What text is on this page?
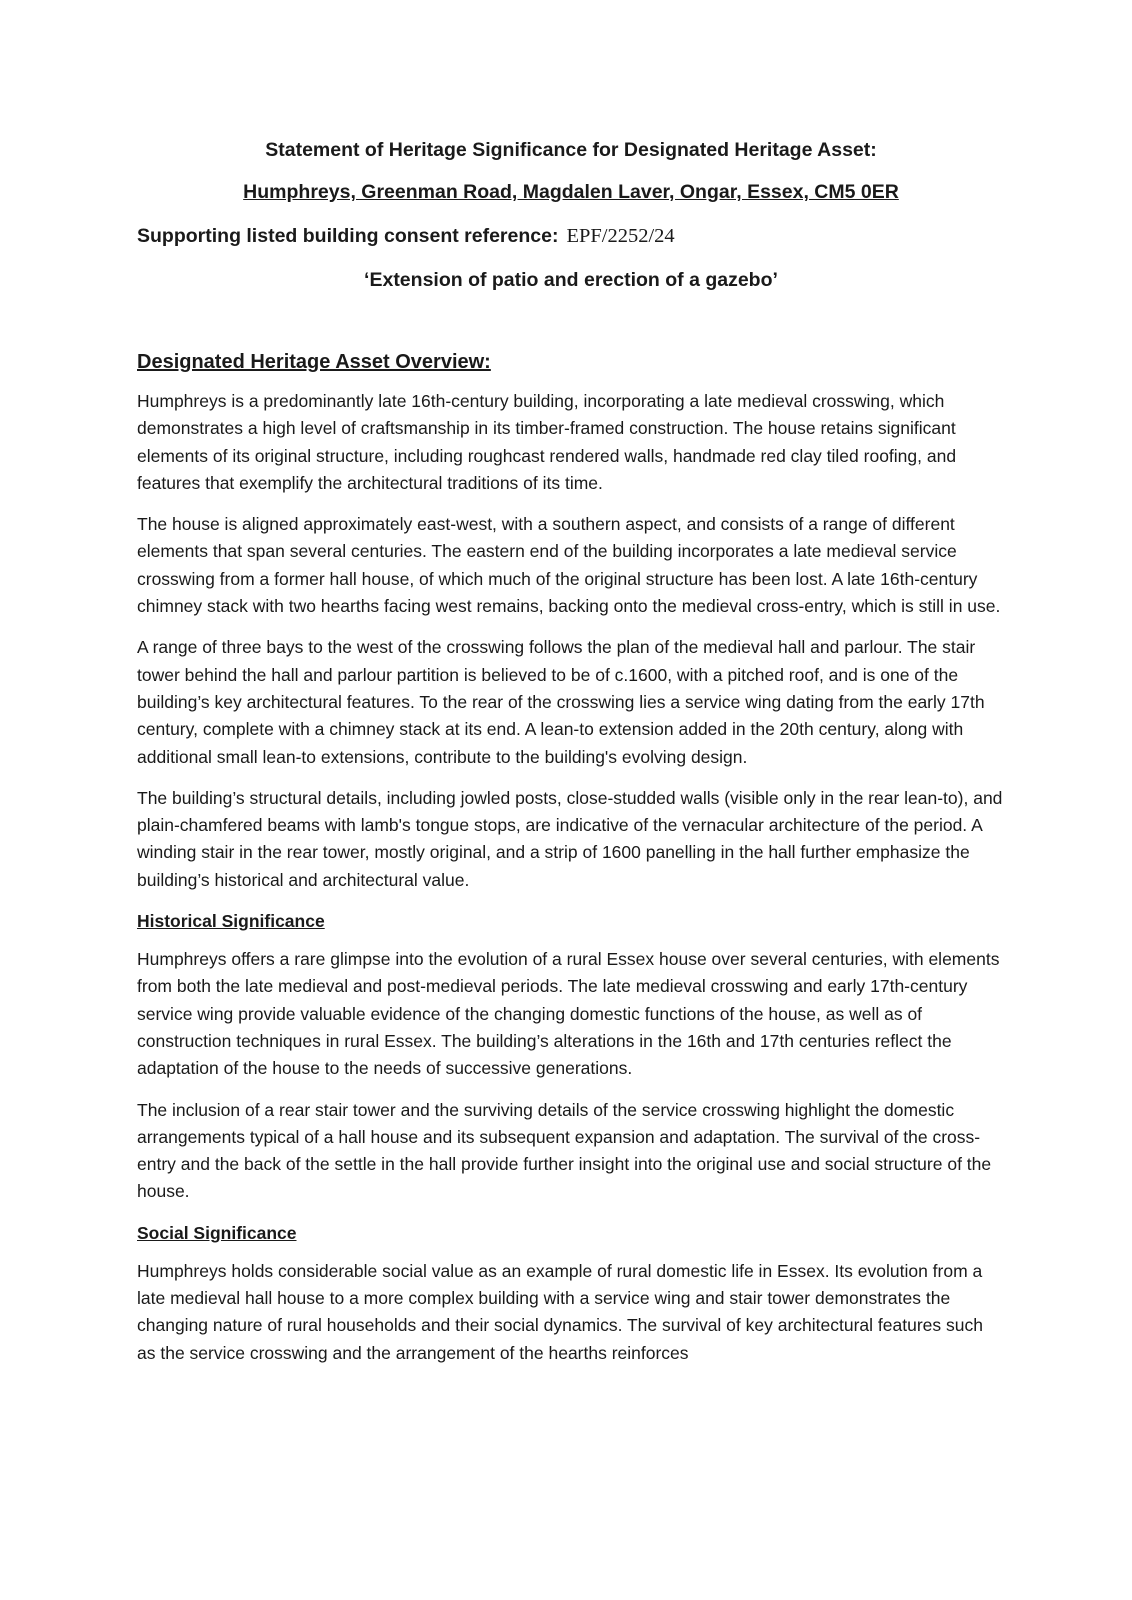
Statement of Heritage Significance for Designated Heritage Asset:

Humphreys, Greenman Road, Magdalen Laver, Ongar, Essex, CM5 0ER

Supporting listed building consent reference: EPF/2252/24

‘Extension of patio and erection of a gazebo’

Designated Heritage Asset Overview:

Humphreys is a predominantly late 16th-century building, incorporating a late medieval crosswing, which demonstrates a high level of craftsmanship in its timber-framed construction. The house retains significant elements of its original structure, including roughcast rendered walls, handmade red clay tiled roofing, and features that exemplify the architectural traditions of its time.

The house is aligned approximately east-west, with a southern aspect, and consists of a range of different elements that span several centuries. The eastern end of the building incorporates a late medieval service crosswing from a former hall house, of which much of the original structure has been lost. A late 16th-century chimney stack with two hearths facing west remains, backing onto the medieval cross-entry, which is still in use.

A range of three bays to the west of the crosswing follows the plan of the medieval hall and parlour. The stair tower behind the hall and parlour partition is believed to be of c.1600, with a pitched roof, and is one of the building’s key architectural features. To the rear of the crosswing lies a service wing dating from the early 17th century, complete with a chimney stack at its end. A lean-to extension added in the 20th century, along with additional small lean-to extensions, contribute to the building's evolving design.

The building’s structural details, including jowled posts, close-studded walls (visible only in the rear lean-to), and plain-chamfered beams with lamb's tongue stops, are indicative of the vernacular architecture of the period. A winding stair in the rear tower, mostly original, and a strip of 1600 panelling in the hall further emphasize the building’s historical and architectural value.

Historical Significance

Humphreys offers a rare glimpse into the evolution of a rural Essex house over several centuries, with elements from both the late medieval and post-medieval periods. The late medieval crosswing and early 17th-century service wing provide valuable evidence of the changing domestic functions of the house, as well as of construction techniques in rural Essex. The building’s alterations in the 16th and 17th centuries reflect the adaptation of the house to the needs of successive generations.

The inclusion of a rear stair tower and the surviving details of the service crosswing highlight the domestic arrangements typical of a hall house and its subsequent expansion and adaptation. The survival of the cross-entry and the back of the settle in the hall provide further insight into the original use and social structure of the house.

Social Significance

Humphreys holds considerable social value as an example of rural domestic life in Essex. Its evolution from a late medieval hall house to a more complex building with a service wing and stair tower demonstrates the changing nature of rural households and their social dynamics. The survival of key architectural features such as the service crosswing and the arrangement of the hearths reinforces
